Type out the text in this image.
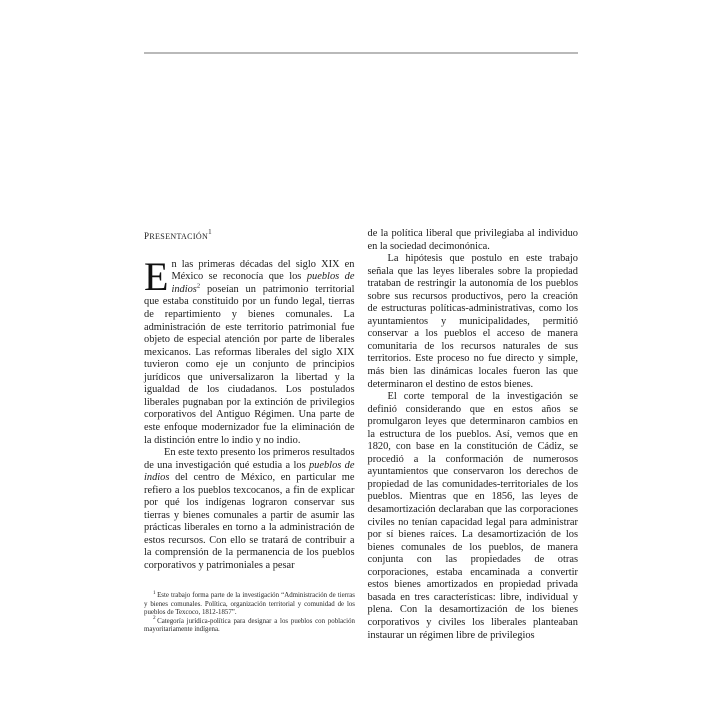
presentación$^1$

En las primeras décadas del siglo XIX en México se reconocía que los pueblos de indios$^2$ poseían un patrimonio territorial que estaba constituido por un fundo legal, tierras de repartimiento y bienes comunales. La administración de este territorio patrimonial fue objeto de especial atención por parte de liberales mexicanos. Las reformas liberales del siglo XIX tuvieron como eje un conjunto de principios jurídicos que universalizaron la libertad y la igualdad de los ciudadanos. Los postulados liberales pugnaban por la extinción de privilegios corporativos del Antiguo Régimen. Una parte de este enfoque modernizador fue la eliminación de la distinción entre lo indio y no indio.

En este texto presento los primeros resultados de una investigación qué estudia a los pueblos de indios del centro de México, en particular me refiero a los pueblos texcocanos, a fin de explicar por qué los indígenas lograron conservar sus tierras y bienes comunales a partir de asumir las prácticas liberales en torno a la administración de estos recursos. Con ello se tratará de contribuir a la comprensión de la permanencia de los pueblos corporativos y patrimoniales a pesar

$^1$ Este trabajo forma parte de la investigación “Administración de tierras y bienes comunales. Política, organización territorial y comunidad de los pueblos de Texcoco, 1812-1857”.

$^2$ Categoría jurídica-política para designar a los pueblos con población mayoritariamente indígena.

de la política liberal que privilegiaba al individuo en la sociedad decimonónica.

La hipótesis que postulo en este trabajo señala que las leyes liberales sobre la propiedad trataban de restringir la autonomía de los pueblos sobre sus recursos productivos, pero la creación de estructuras políticas-administrativas, como los ayuntamientos y municipalidades, permitió conservar a los pueblos el acceso de manera comunitaria de los recursos naturales de sus territorios. Este proceso no fue directo y simple, más bien las dinámicas locales fueron las que determinaron el destino de estos bienes.

El corte temporal de la investigación se definió considerando que en estos años se promulgaron leyes que determinaron cambios en la estructura de los pueblos. Así, vemos que en 1820, con base en la constitución de Cádiz, se procedió a la conformación de numerosos ayuntamientos que conservaron los derechos de propiedad de las comunidades-territoriales de los pueblos. Mientras que en 1856, las leyes de desamortización declaraban que las corporaciones civiles no tenían capacidad legal para administrar por sí bienes raíces. La desamortización de los bienes comunales de los pueblos, de manera conjunta con las propiedades de otras corporaciones, estaba encaminada a convertir estos bienes amortizados en propiedad privada basada en tres características: libre, individual y plena. Con la desamortización de los bienes corporativos y civiles los liberales planteaban instaurar un régimen libre de privilegios
